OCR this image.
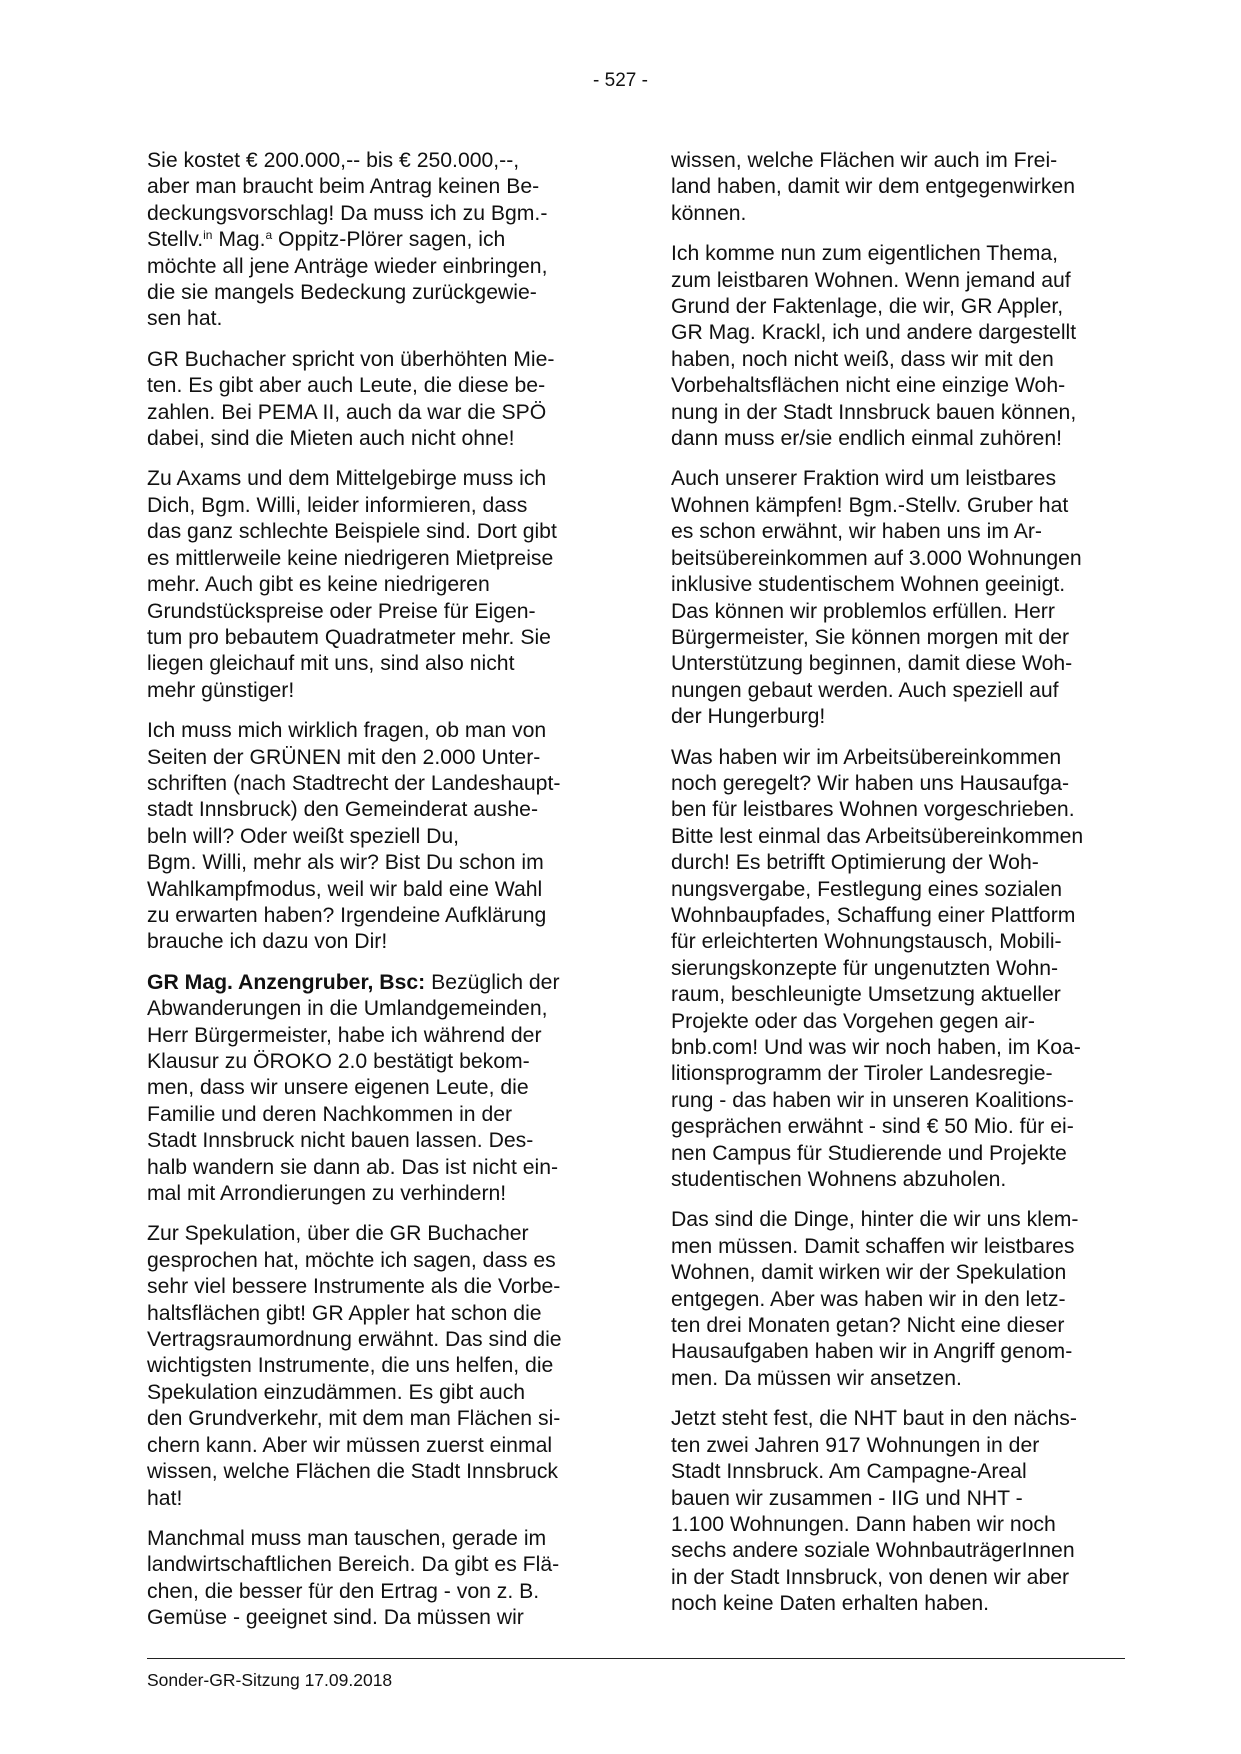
- 527 -

Sie kostet € 200.000,-- bis € 250.000,--,
aber man braucht beim Antrag keinen Be-
deckungsvorschlag! Da muss ich zu Bgm.-
Stellv.$^{in}$ Mag.$^a$ Oppitz-Plörer sagen, ich
möchte all jene Anträge wieder einbringen,
die sie mangels Bedeckung zurückgewie-
sen hat.

GR Buchacher spricht von überhöhten Mie-
ten. Es gibt aber auch Leute, die diese be-
zahlen. Bei PEMA II, auch da war die SPÖ
dabei, sind die Mieten auch nicht ohne!

Zu Axams und dem Mittelgebirge muss ich
Dich, Bgm. Willi, leider informieren, dass
das ganz schlechte Beispiele sind. Dort gibt
es mittlerweile keine niedrigeren Mietpreise
mehr. Auch gibt es keine niedrigeren
Grundstückspreise oder Preise für Eigen-
tum pro bebautem Quadratmeter mehr. Sie
liegen gleichauf mit uns, sind also nicht
mehr günstiger!

Ich muss mich wirklich fragen, ob man von
Seiten der GRÜNEN mit den 2.000 Unter-
schriften (nach Stadtrecht der Landeshaupt-
stadt Innsbruck) den Gemeinderat aushe-
beln will? Oder weißt speziell Du,
Bgm. Willi, mehr als wir? Bist Du schon im
Wahlkampfmodus, weil wir bald eine Wahl
zu erwarten haben? Irgendeine Aufklärung
brauche ich dazu von Dir!

GR Mag. Anzengruber, Bsc: Bezüglich der
Abwanderungen in die Umlandgemeinden,
Herr Bürgermeister, habe ich während der
Klausur zu ÖROKO 2.0 bestätigt bekom-
men, dass wir unsere eigenen Leute, die
Familie und deren Nachkommen in der
Stadt Innsbruck nicht bauen lassen. Des-
halb wandern sie dann ab. Das ist nicht ein-
mal mit Arrondierungen zu verhindern!

Zur Spekulation, über die GR Buchacher
gesprochen hat, möchte ich sagen, dass es
sehr viel bessere Instrumente als die Vorbe-
haltsflächen gibt! GR Appler hat schon die
Vertragsraumordnung erwähnt. Das sind die
wichtigsten Instrumente, die uns helfen, die
Spekulation einzudämmen. Es gibt auch
den Grundverkehr, mit dem man Flächen si-
chern kann. Aber wir müssen zuerst einmal
wissen, welche Flächen die Stadt Innsbruck
hat!

Manchmal muss man tauschen, gerade im
landwirtschaftlichen Bereich. Da gibt es Flä-
chen, die besser für den Ertrag - von z. B.
Gemüse - geeignet sind. Da müssen wir

wissen, welche Flächen wir auch im Frei-
land haben, damit wir dem entgegenwirken
können.

Ich komme nun zum eigentlichen Thema,
zum leistbaren Wohnen. Wenn jemand auf
Grund der Faktenlage, die wir, GR Appler,
GR Mag. Krackl, ich und andere dargestellt
haben, noch nicht weiß, dass wir mit den
Vorbehaltsflächen nicht eine einzige Woh-
nung in der Stadt Innsbruck bauen können,
dann muss er/sie endlich einmal zuhören!

Auch unserer Fraktion wird um leistbares
Wohnen kämpfen! Bgm.-Stellv. Gruber hat
es schon erwähnt, wir haben uns im Ar-
beitsübereinkommen auf 3.000 Wohnungen
inklusive studentischem Wohnen geeinigt.
Das können wir problemlos erfüllen. Herr
Bürgermeister, Sie können morgen mit der
Unterstützung beginnen, damit diese Woh-
nungen gebaut werden. Auch speziell auf
der Hungerburg!

Was haben wir im Arbeitsübereinkommen
noch geregelt? Wir haben uns Hausaufga-
ben für leistbares Wohnen vorgeschrieben.
Bitte lest einmal das Arbeitsübereinkommen
durch! Es betrifft Optimierung der Woh-
nungsvergabe, Festlegung eines sozialen
Wohnbaupfades, Schaffung einer Plattform
für erleichterten Wohnungstausch, Mobili-
sierungskonzepte für ungenutzten Wohn-
raum, beschleunigte Umsetzung aktueller
Projekte oder das Vorgehen gegen air-
bnb.com! Und was wir noch haben, im Koa-
litionsprogramm der Tiroler Landesregie-
rung - das haben wir in unseren Koalitions-
gesprächen erwähnt - sind € 50 Mio. für ei-
nen Campus für Studierende und Projekte
studentischen Wohnens abzuholen.

Das sind die Dinge, hinter die wir uns klem-
men müssen. Damit schaffen wir leistbares
Wohnen, damit wirken wir der Spekulation
entgegen. Aber was haben wir in den letz-
ten drei Monaten getan? Nicht eine dieser
Hausaufgaben haben wir in Angriff genom-
men. Da müssen wir ansetzen.

Jetzt steht fest, die NHT baut in den nächs-
ten zwei Jahren 917 Wohnungen in der
Stadt Innsbruck. Am Campagne-Areal
bauen wir zusammen - IIG und NHT -
1.100 Wohnungen. Dann haben wir noch
sechs andere soziale WohnbauträgerInnen
in der Stadt Innsbruck, von denen wir aber
noch keine Daten erhalten haben.

Sonder-GR-Sitzung 17.09.2018
